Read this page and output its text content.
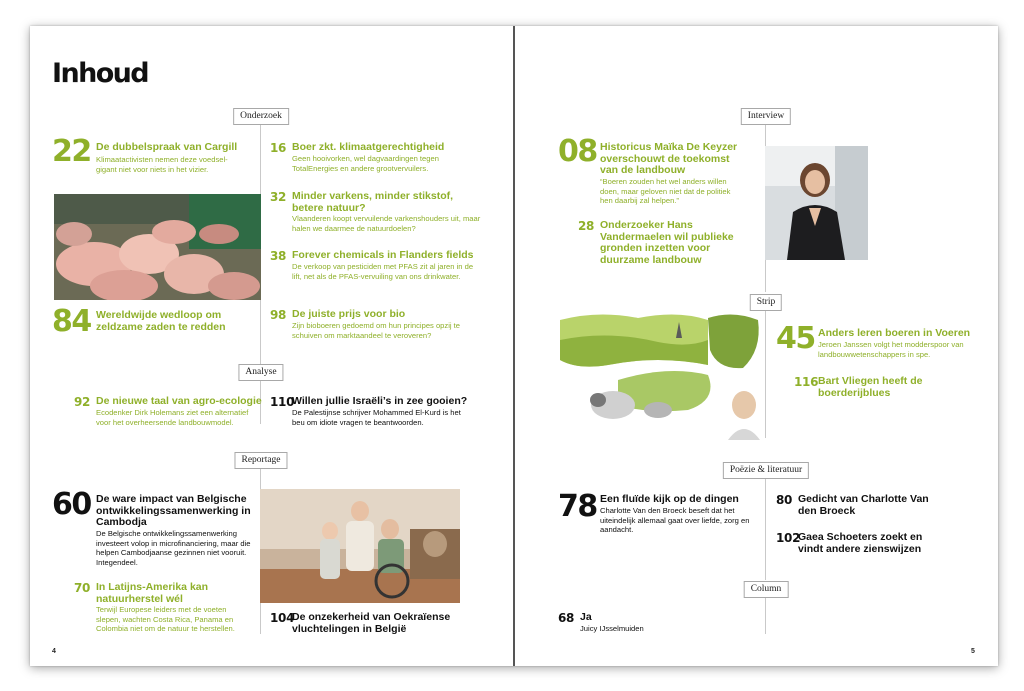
Inhoud
Onderzoek
22 De dubbelspraak van Cargill
Klimaatactivisten nemen deze voedsel-gigant niet voor niets in het vizier.
84 Wereldwijde wedloop om zeldzame zaden te redden
16 Boer zkt. klimaatgerechtigheid
Geen hooivorken, wel dagvaardingen tegen TotalEnergies en andere grootvervuilers.
32 Minder varkens, minder stikstof, betere natuur?
Vlaanderen koopt vervuilende varkenshouders uit, maar halen we daarmee de natuurdoelen?
38 Forever chemicals in Flanders fields
De verkoop van pesticiden met PFAS zit al jaren in de lift, net als de PFAS-vervuiling van ons drinkwater.
98 De juiste prijs voor bio
Zijn bioboeren gedoemd om hun principes opzij te schuiven om marktaandeel te veroveren?
Analyse
92 De nieuwe taal van agro-ecologie
Ecodenker Dirk Holemans ziet een alternatief voor het overheersende landbouwmodel.
110
Willen jullie Israëli’s in zee gooien?
De Palestijnse schrijver Mohammed El-Kurd is het beu om idiote vragen te beantwoorden.
Reportage
60 De ware impact van Belgische ontwikkelingssamenwerking in Cambodja
De Belgische ontwikkelingssamenwerking investeert volop in microfinanciering, maar die helpen Cambodjaanse gezinnen niet vooruit. Integendeel.
70 In Latijns-Amerika kan natuurherstel wél
Terwijl Europese leiders met de voeten slepen, wachten Costa Rica, Panama en Colombia niet om de natuur te herstellen.
104
De onzekerheid van Oekraïense vluchtelingen in België
4
Interview
08 Historicus Maïka De Keyzer overschouwt de toekomst van de landbouw
“Boeren zouden het wel anders willen doen, maar geloven niet dat de politiek hen daarbij zal helpen.”
28 Onderzoeker Hans Vandermaelen wil publieke gronden inzetten voor duurzame landbouw
Strip
45 Anders leren boeren in Voeren
Jeroen Janssen volgt het modderspoor van landbouwwetenschappers in spe.
116 Bart Vliegen heeft de boerderijblues
Poëzie & literatuur
78 Een fluïde kijk op de dingen
Charlotte Van den Broeck beseft dat het uiteindelijk allemaal gaat over liefde, zorg en aandacht.
80 Gedicht van Charlotte Van den Broeck
102
Gaea Schoeters zoekt en vindt andere zienswijzen
Column
68 Ja
Juicy IJsselmuiden
5
